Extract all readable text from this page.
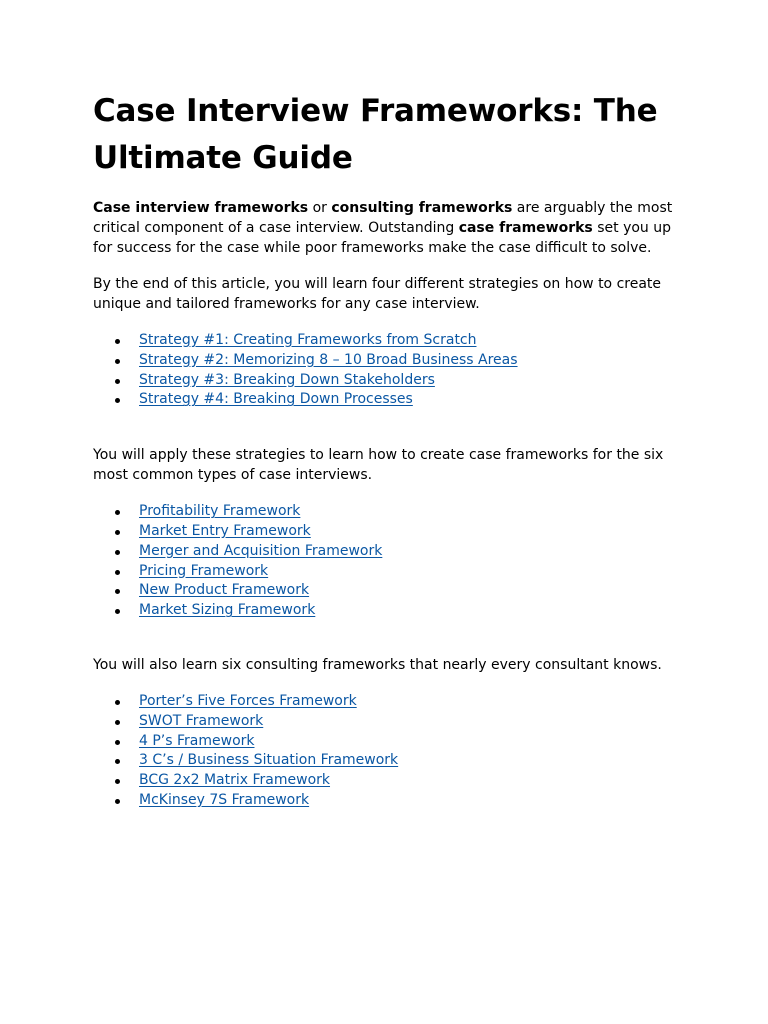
Case Interview Frameworks: The Ultimate Guide

Case interview frameworks or consulting frameworks are arguably the most critical component of a case interview. Outstanding case frameworks set you up for success for the case while poor frameworks make the case difficult to solve.

By the end of this article, you will learn four different strategies on how to create unique and tailored frameworks for any case interview.

Strategy #1: Creating Frameworks from Scratch
Strategy #2: Memorizing 8 – 10 Broad Business Areas
Strategy #3: Breaking Down Stakeholders
Strategy #4: Breaking Down Processes

You will apply these strategies to learn how to create case frameworks for the six most common types of case interviews.

Profitability Framework
Market Entry Framework
Merger and Acquisition Framework
Pricing Framework
New Product Framework
Market Sizing Framework

You will also learn six consulting frameworks that nearly every consultant knows.

Porter’s Five Forces Framework
SWOT Framework
4 P’s Framework
3 C’s / Business Situation Framework
BCG 2x2 Matrix Framework
McKinsey 7S Framework
